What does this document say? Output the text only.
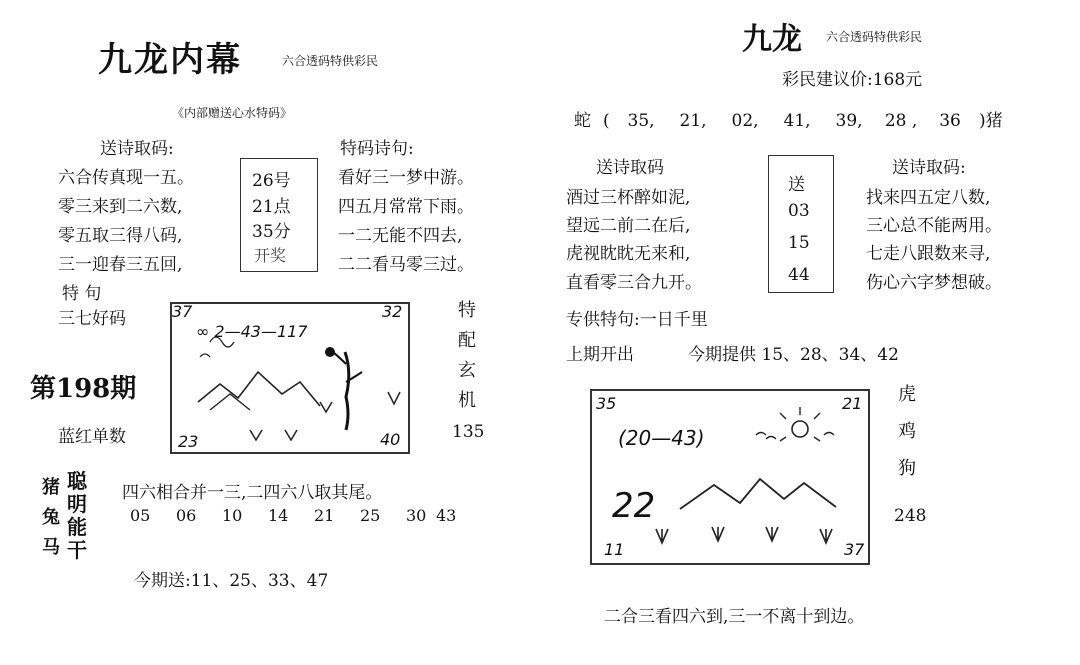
九龙内幕	六合透码特供彩民
《内部赠送心水特码》
送诗取码:	特码诗句:
六合传真现一五。
零三来到二六数,
零五取三得八码,
三一迎春三五回,
26号
21点
35分
开奖
看好三一梦中游。
四五月常常下雨。
一二无能不四去,
二二看马零三过。
特 句
三七好码
第198期
蓝红单数
37	32
23	40
∞ 2—43—117
特
配
玄
机
135
猪
兔
马
聪
明
能
干
四六相合并一三,二四六八取其尾。
05 06 10 14 21 25 30 43
今期送:11、25、33、47
九龙 六合透码特供彩民
彩民建议价:168元
蛇 ( 35, 21, 02, 41, 39, 28 , 36 )猪
送诗取码	送诗取码:
酒过三杯醉如泥,
望远二前二在后,
虎视眈眈无来和,
直看零三合九开。
送
03
15
44
找来四五定八数,
三心总不能两用。
七走八跟数来寻,
伤心六字梦想破。
专供特句:一日千里
上期开出	今期提供 15、28、34、42
35	21
11	37
(20—43)
22
虎
鸡
狗
248
二合三看四六到,三一不离十到边。
